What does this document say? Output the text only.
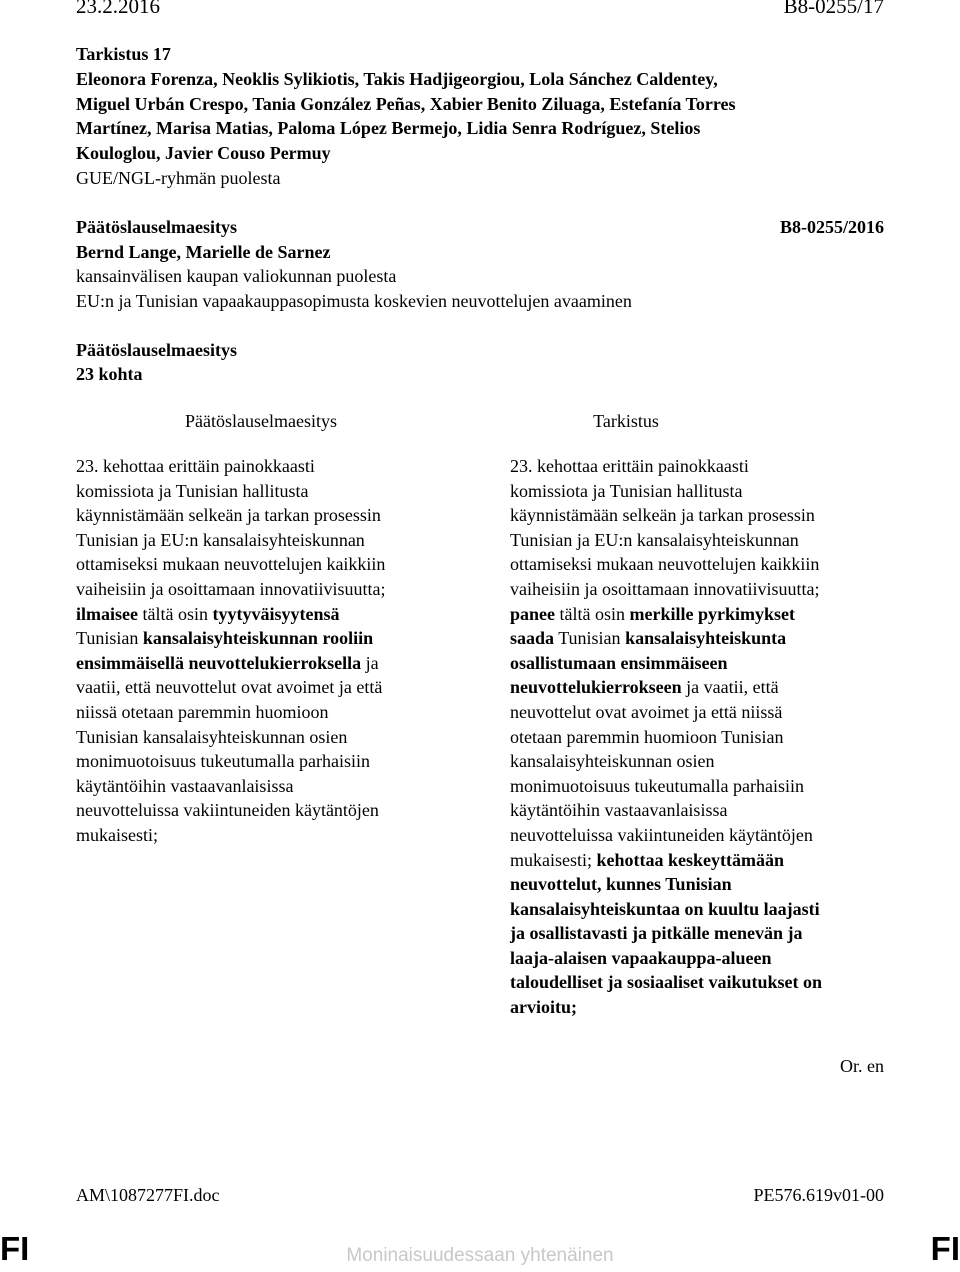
23.2.2016	B8-0255/17
Tarkistus 17
Eleonora Forenza, Neoklis Sylikiotis, Takis Hadjigeorgiou, Lola Sánchez Caldentey,
Miguel Urbán Crespo, Tania González Peñas, Xabier Benito Ziluaga, Estefanía Torres
Martínez, Marisa Matias, Paloma López Bermejo, Lidia Senra Rodríguez, Stelios
Kouloglou, Javier Couso Permuy
GUE/NGL-ryhmän puolesta
Päätöslauselmaesitys	B8-0255/2016
Bernd Lange, Marielle de Sarnez
kansainvälisen kaupan valiokunnan puolesta
EU:n ja Tunisian vapaakauppasopimusta koskevien neuvottelujen avaaminen
Päätöslauselmaesitys
23 kohta
Päätöslauselmaesitys	Tarkistus
23. kehottaa erittäin painokkaasti
komissiota ja Tunisian hallitusta
käynnistämään selkeän ja tarkan prosessin
Tunisian ja EU:n kansalaisyhteiskunnan
ottamiseksi mukaan neuvottelujen kaikkiin
vaiheisiin ja osoittamaan innovatiivisuutta;
ilmaisee tältä osin tyytyväisyytensä
Tunisian kansalaisyhteiskunnan rooliin
ensimmäisellä neuvottelukierroksella ja
vaatii, että neuvottelut ovat avoimet ja että
niissä otetaan paremmin huomioon
Tunisian kansalaisyhteiskunnan osien
monimuotoisuus tukeutumalla parhaisiin
käytäntöihin vastaavanlaisissa
neuvotteluissa vakiintuneiden käytäntöjen
mukaisesti;
23. kehottaa erittäin painokkaasti
komissiota ja Tunisian hallitusta
käynnistämään selkeän ja tarkan prosessin
Tunisian ja EU:n kansalaisyhteiskunnan
ottamiseksi mukaan neuvottelujen kaikkiin
vaiheisiin ja osoittamaan innovatiivisuutta;
panee tältä osin merkille pyrkimykset
saada Tunisian kansalaisyhteiskunta
osallistumaan ensimmäiseen
neuvottelukierrokseen ja vaatii, että
neuvottelut ovat avoimet ja että niissä
otetaan paremmin huomioon Tunisian
kansalaisyhteiskunnan osien
monimuotoisuus tukeutumalla parhaisiin
käytäntöihin vastaavanlaisissa
neuvotteluissa vakiintuneiden käytäntöjen
mukaisesti; kehottaa keskeyttämään
neuvottelut, kunnes Tunisian
kansalaisyhteiskuntaa on kuultu laajasti
ja osallistavasti ja pitkälle menevän ja
laaja-alaisen vapaakauppa-alueen
taloudelliset ja sosiaaliset vaikutukset on
arvioitu;
Or. en
AM\1087277FI.doc	PE576.619v01-00
FI	Moninaisuudessaan yhtenäinen	FI
